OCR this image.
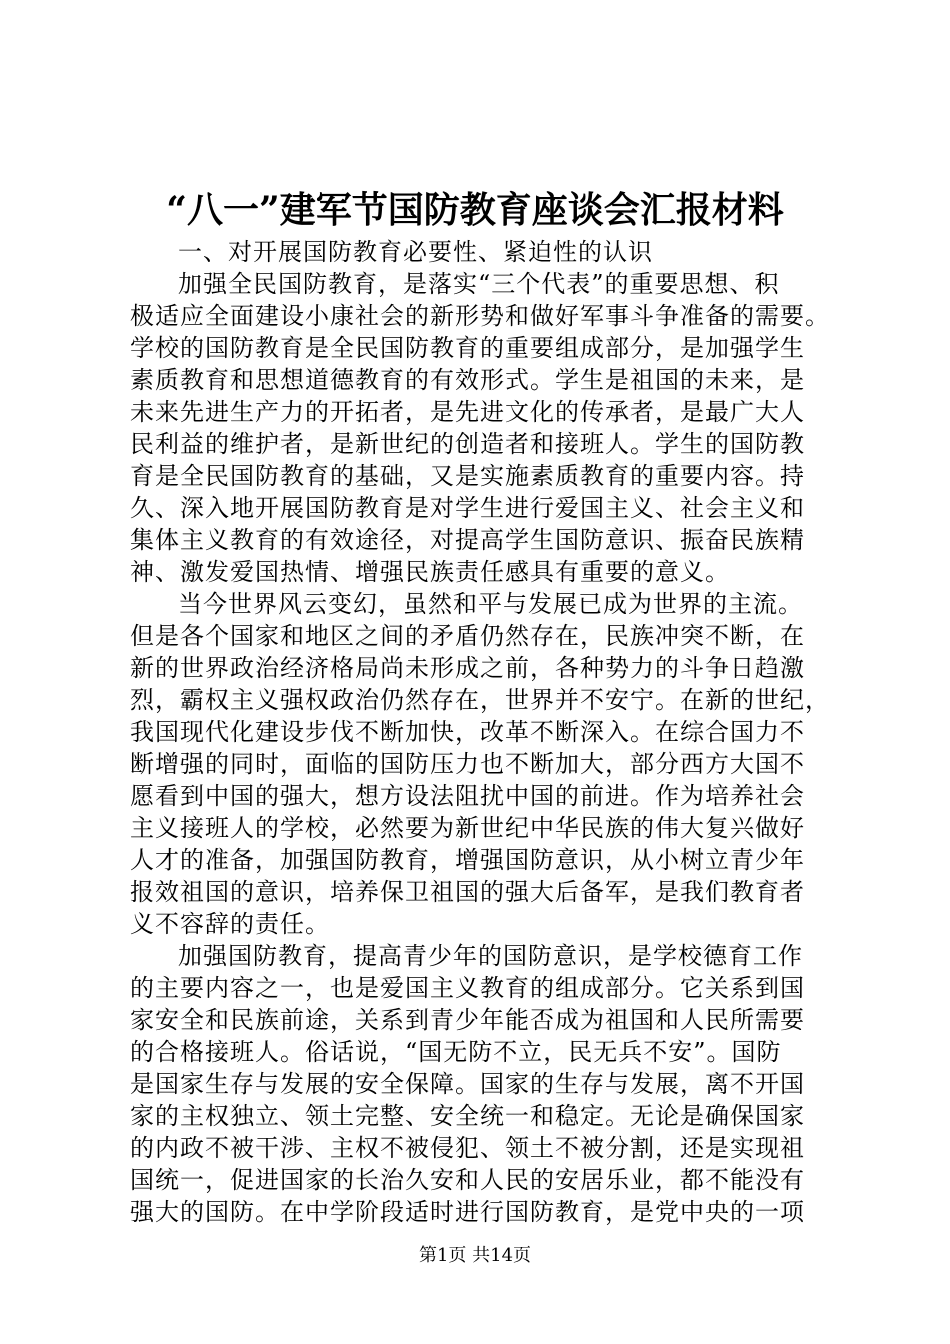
“八一”建军节国防教育座谈会汇报材料
一、对开展国防教育必要性、紧迫性的认识
加强全民国防教育，是落实“三个代表”的重要思想、积
极适应全面建设小康社会的新形势和做好军事斗争准备的需要。
学校的国防教育是全民国防教育的重要组成部分，是加强学生
素质教育和思想道德教育的有效形式。学生是祖国的未来，是
未来先进生产力的开拓者，是先进文化的传承者，是最广大人
民利益的维护者，是新世纪的创造者和接班人。学生的国防教
育是全民国防教育的基础，又是实施素质教育的重要内容。持
久、深入地开展国防教育是对学生进行爱国主义、社会主义和
集体主义教育的有效途径，对提高学生国防意识、振奋民族精
神、激发爱国热情、增强民族责任感具有重要的意义。
当今世界风云变幻，虽然和平与发展已成为世界的主流。
但是各个国家和地区之间的矛盾仍然存在，民族冲突不断，在
新的世界政治经济格局尚未形成之前，各种势力的斗争日趋激
烈，霸权主义强权政治仍然存在，世界并不安宁。在新的世纪，
我国现代化建设步伐不断加快，改革不断深入。在综合国力不
断增强的同时，面临的国防压力也不断加大，部分西方大国不
愿看到中国的强大，想方设法阻扰中国的前进。作为培养社会
主义接班人的学校，必然要为新世纪中华民族的伟大复兴做好
人才的准备，加强国防教育，增强国防意识，从小树立青少年
报效祖国的意识，培养保卫祖国的强大后备军，是我们教育者
义不容辞的责任。
加强国防教育，提高青少年的国防意识，是学校德育工作
的主要内容之一，也是爱国主义教育的组成部分。它关系到国
家安全和民族前途，关系到青少年能否成为祖国和人民所需要
的合格接班人。俗话说，“国无防不立，民无兵不安”。国防
是国家生存与发展的安全保障。国家的生存与发展，离不开国
家的主权独立、领土完整、安全统一和稳定。无论是确保国家
的内政不被干涉、主权不被侵犯、领土不被分割，还是实现祖
国统一，促进国家的长治久安和人民的安居乐业，都不能没有
强大的国防。在中学阶段适时进行国防教育，是党中央的一项
第1页 共14页
